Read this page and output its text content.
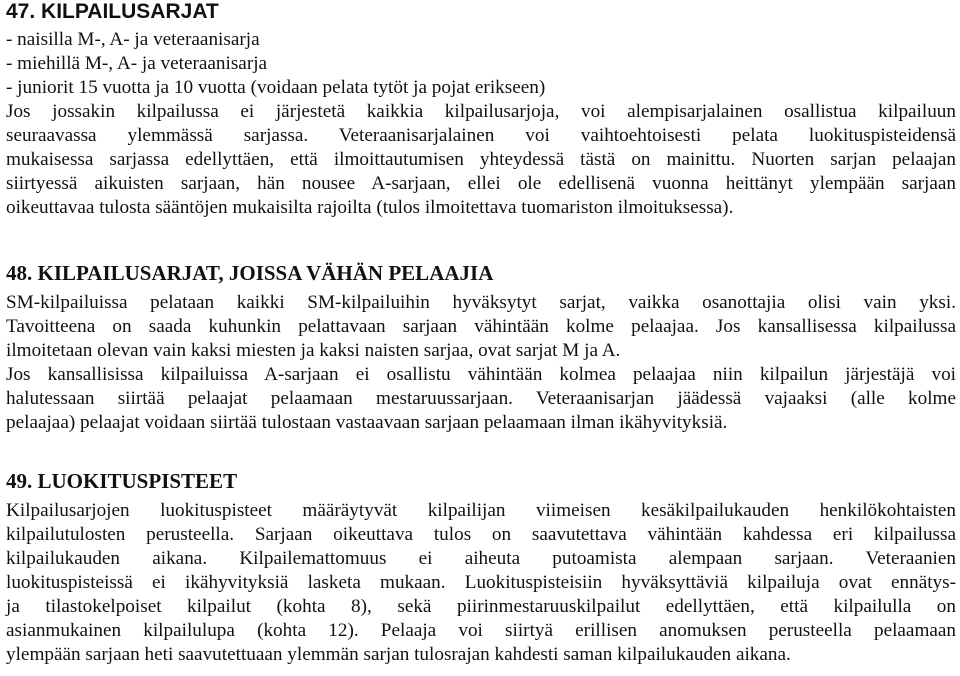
47. KILPAILUSARJAT
- naisilla M-, A- ja veteraanisarja
- miehillä M-, A- ja veteraanisarja
- juniorit 15 vuotta ja 10 vuotta (voidaan pelata tytöt ja pojat erikseen)
Jos jossakin kilpailussa ei järjestetä kaikkia kilpailusarjoja, voi alempisarjalainen osallistua kilpailuun
seuraavassa ylemmässä sarjassa. Veteraanisarjalainen voi vaihtoehtoisesti pelata luokituspisteidensä
mukaisessa sarjassa edellyttäen, että ilmoittautumisen yhteydessä tästä on mainittu. Nuorten sarjan pelaajan
siirtyessä aikuisten sarjaan, hän nousee A-sarjaan, ellei ole edellisenä vuonna heittänyt ylempään sarjaan
oikeuttavaa tulosta sääntöjen mukaisilta rajoilta (tulos ilmoitettava tuomariston ilmoituksessa).
48. KILPAILUSARJAT, JOISSA VÄHÄN PELAAJIA
SM-kilpailuissa pelataan kaikki SM-kilpailuihin hyväksytyt sarjat, vaikka osanottajia olisi vain yksi.
Tavoitteena on saada kuhunkin pelattavaan sarjaan vähintään kolme pelaajaa. Jos kansallisessa kilpailussa
ilmoitetaan olevan vain kaksi miesten ja kaksi naisten sarjaa, ovat sarjat M ja A.
Jos kansallisissa kilpailuissa A-sarjaan ei osallistu vähintään kolmea pelaajaa niin kilpailun järjestäjä voi
halutessaan siirtää pelaajat pelaamaan mestaruussarjaan. Veteraanisarjan jäädessä vajaaksi (alle kolme
pelaajaa) pelaajat voidaan siirtää tulostaan vastaavaan sarjaan pelaamaan ilman ikähyvityksiä.
49. LUOKITUSPISTEET
Kilpailusarjojen luokituspisteet määräytyvät kilpailijan viimeisen kesäkilpailukauden henkilökohtaisten
kilpailutulosten perusteella. Sarjaan oikeuttava tulos on saavutettava vähintään kahdessa eri kilpailussa
kilpailukauden aikana. Kilpailemattomuus ei aiheuta putoamista alempaan sarjaan. Veteraanien
luokituspisteissä ei ikähyvityksiä lasketa mukaan. Luokituspisteisiin hyväksyttäviä kilpailuja ovat ennätys-
ja tilastokelpoiset kilpailut (kohta 8), sekä piirinmestaruuskilpailut edellyttäen, että kilpailulla on
asianmukainen kilpailulupa (kohta 12). Pelaaja voi siirtyä erillisen anomuksen perusteella pelaamaan
ylempään sarjaan heti saavutettuaan ylemmän sarjan tulosrajan kahdesti saman kilpailukauden aikana.
